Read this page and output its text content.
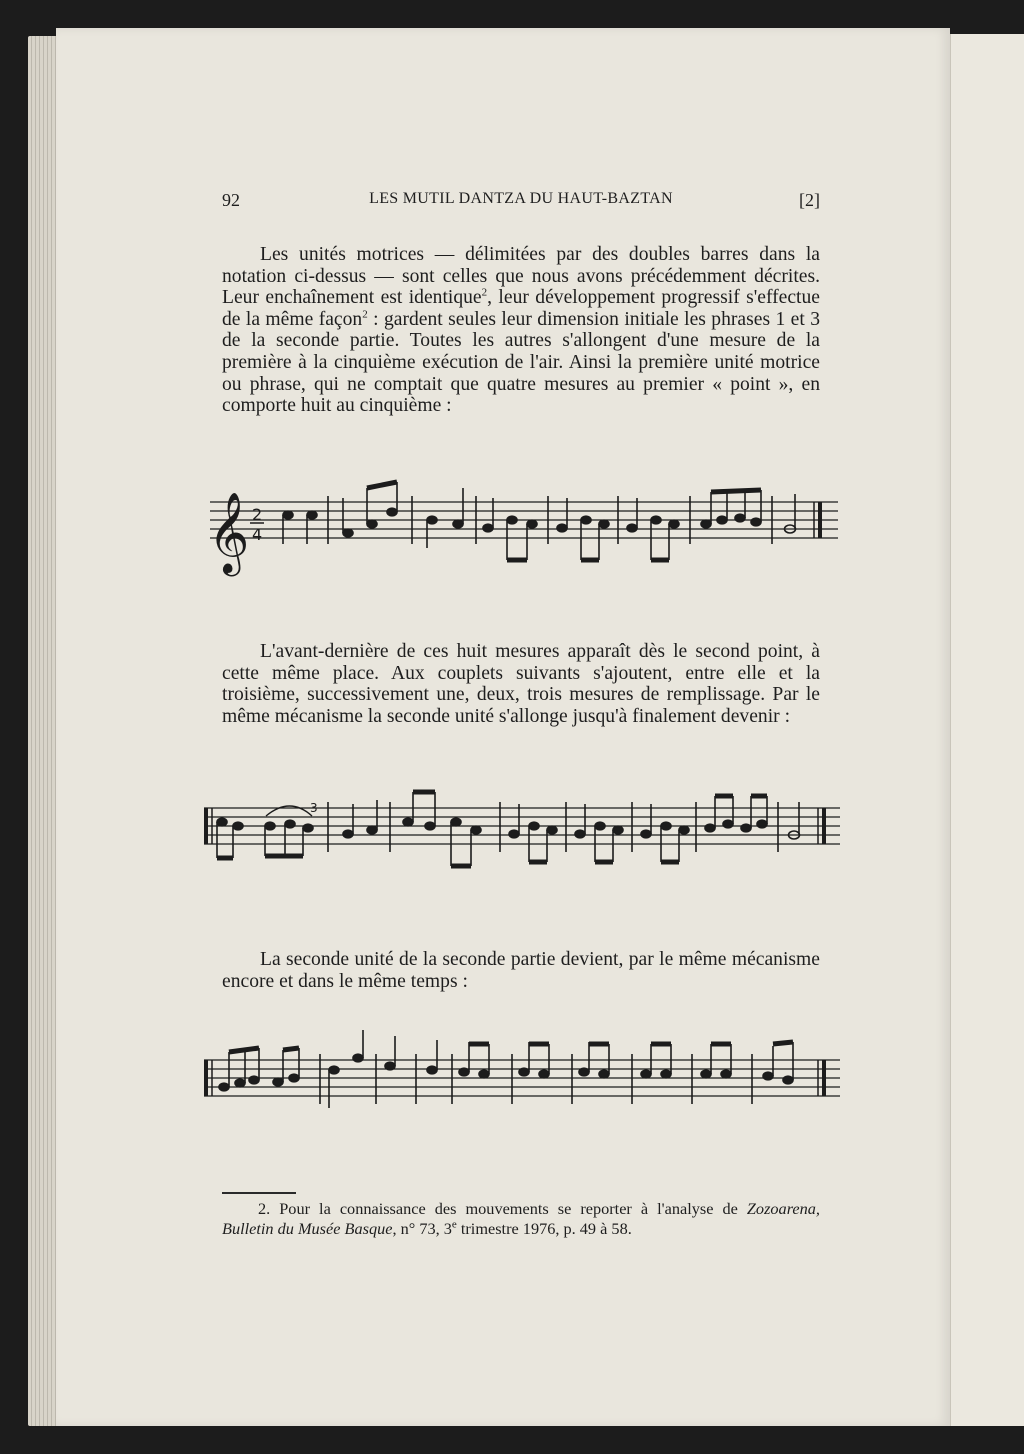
92	LES MUTIL DANTZA DU HAUT-BAZTAN	[2]

Les unités motrices — délimitées par des doubles barres dans la notation ci-dessus — sont celles que nous avons précédemment décrites. Leur enchaînement est identique$^2$, leur développement progressif s'effectue de la même façon$^2$ : gardent seules leur dimension initiale les phrases 1 et 3 de la seconde partie. Toutes les autres s'allongent d'une mesure de la première à la cinquième exécution de l'air. Ainsi la première unité motrice ou phrase, qui ne comptait que quatre mesures au premier « point », en comporte huit au cinquième :

𝄞 2
4

L'avant-dernière de ces huit mesures apparaît dès le second point, à cette même place. Aux couplets suivants s'ajoutent, entre elle et la troisième, successivement une, deux, trois mesures de remplissage. Par le même mécanisme la seconde unité s'allonge jusqu'à finalement devenir :

3

La seconde unité de la seconde partie devient, par le même mécanisme encore et dans le même temps :

2. Pour la connaissance des mouvements se reporter à l'analyse de Zozoarena, Bulletin du Musée Basque, n° 73, 3e trimestre 1976, p. 49 à 58.
